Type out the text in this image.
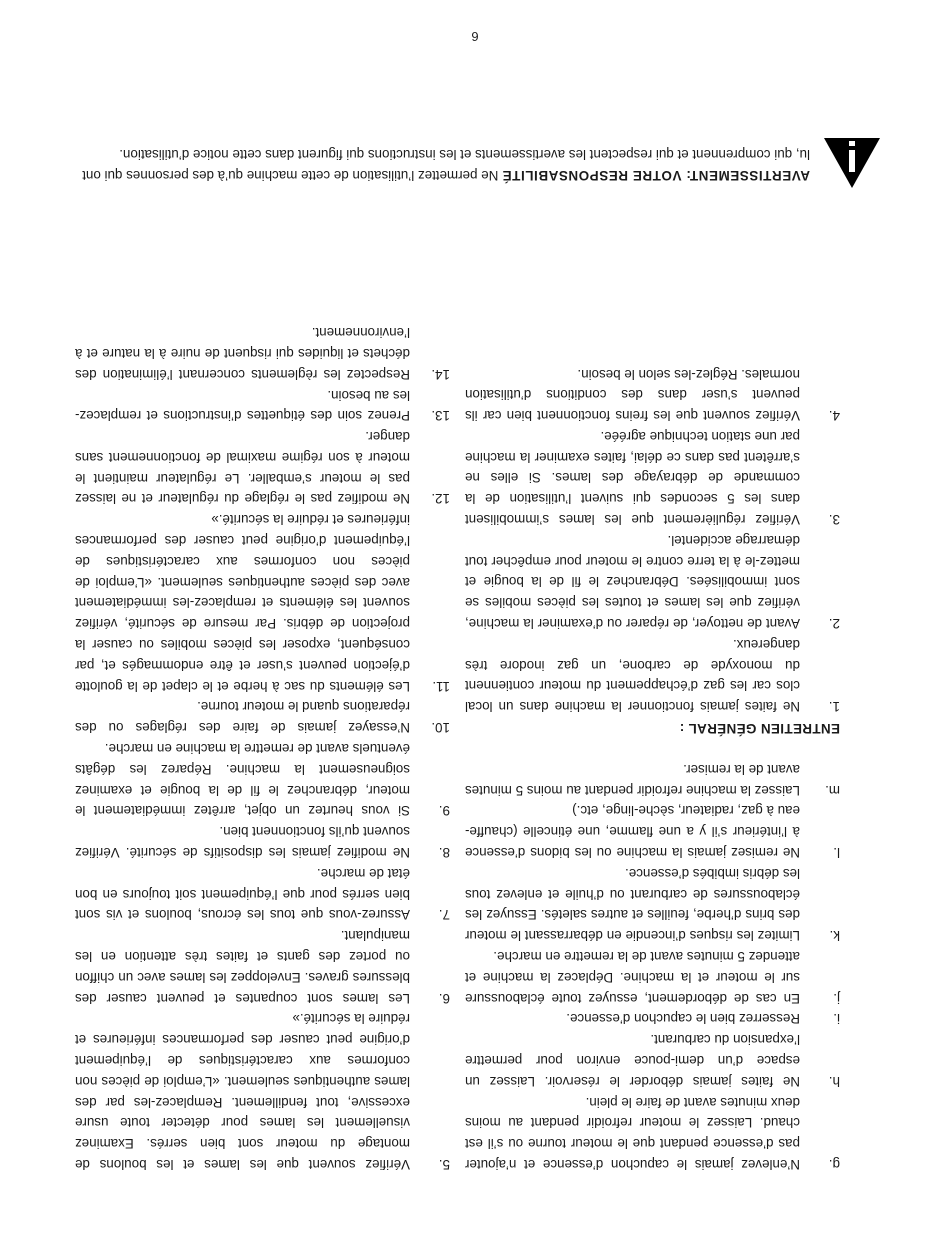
AVERTISSEMENT: VOTRE RESPONSABILITÉ Ne permettez l’utilisation de cette machine qu’à des personnes qui ont lu, qui comprennent et qui respectent les avertissements et les instructions qui figurent dans cette notice d’utilisation.
g.
N’enlevez jamais le capuchon d’essence et n’ajouter pas d’essence pendant que le moteur tourne ou s’il est chaud. Laissez le moteur refroidir pendant au moins deux minutes avant de faire le plein.
h.
Ne faites jamais déborder le réservoir. Laissez un espace d’un demi-pouce environ pour permettre l’expansion du carburant.
i.
Resserrez bien le capuchon d’essence.
j.
En cas de débordement, essuyez toute éclaboussure sur le moteur et la machine. Déplacez la machine et attendez 5 minutes avant de la remettre en marche.
k.
Limitez les risques d’incendie en débarrassant le moteur des brins d’herbe, feuilles et autres saletés. Essuyez les éclaboussures de carburant ou d’huile et enlevez tous les débris imbibés d’essence.
l.
Ne remisez jamais la machine ou les bidons d’essence à l’intérieur s’il y a une flamme, une étincelle (chauffe-eau à gaz, radiateur, sèche-linge, etc.)
m.
Laissez la machine refroidir pendant au moins 5 minutes avant de la remiser.
ENTRETIEN GÉNÉRAL :
1.
Ne faites jamais fonctionner la machine dans un local clos car les gaz d’échappement du moteur contiennent du monoxyde de carbone, un gaz inodore très dangereux.
2.
Avant de nettoyer, de réparer ou d’examiner la machine, vérifiez que les lames et toutes les pièces mobiles se sont immobilisées. Débranchez le fil de la bougie et mettez-le à la terre contre le moteur pour empêcher tout démarrage accidentel.
3.
Vérifiez régulièrement que les lames s’immobilisent dans les 5 secondes qui suivent l’utilisation de la commande de débrayage des lames. Si elles ne s’arrêtent pas dans ce délai, faites examiner la machine par une station technique agréée.
4.
Vérifiez souvent que les freins fonctionnent bien car ils peuvent s’user dans des conditions d’utilisation normales. Réglez-les selon le besoin.
5.
Vérifiez souvent que les lames et les boulons de montage du moteur sont bien serrés. Examinez visuellement les lames pour détecter toute usure excessive, tout fendillement. Remplacez-les par des lames authentiques seulement. «L’emploi de pièces non conformes aux caractéristiques de l’équipement d’origine peut causer des performances inférieures et réduire la sécurité.»
6.
Les lames sont coupantes et peuvent causer des blessures graves. Enveloppez les lames avec un chiffon ou portez des gants et faites très attention en les manipulant.
7.
Assurez-vous que tous les écrous, boulons et vis sont bien serrés pour que l’équipement soit toujours en bon état de marche.
8.
Ne modifiez jamais les dispositifs de sécurité. Vérifiez souvent qu’ils fonctionnent bien.
9.
Si vous heurtez un objet, arrêtez immédiatement le moteur, débranchez le fil de la bougie et examinez soigneusement la machine. Réparez les dégâts éventuels avant de remettre la machine en marche.
10.
N’essayez jamais de faire des réglages ou des réparations quand le moteur tourne.
11.
Les éléments du sac à herbe et le clapet de la goulotte d’éjection peuvent s’user et être endommagés et, par conséquent, exposer les pièces mobiles ou causer la projection de débris. Par mesure de sécurité, vérifiez souvent les éléments et remplacez-les immédiatement avec des pièces authentiques seulement. «L’emploi de pièces non conformes aux caractéristiques de l’équipement d’origine peut causer des performances inférieures et réduire la sécurité.»
12.
Ne modifiez pas le réglage du régulateur et ne laissez pas le moteur s’emballer. Le régulateur maintient le moteur à son régime maximal de fonctionnement sans danger.
13.
Prenez soin des étiquettes d’instructions et remplacez-les au besoin.
14.
Respectez les règlements concernant l’élimination des déchets et liquides qui risquent de nuire à la nature et à l’environnement.
6
